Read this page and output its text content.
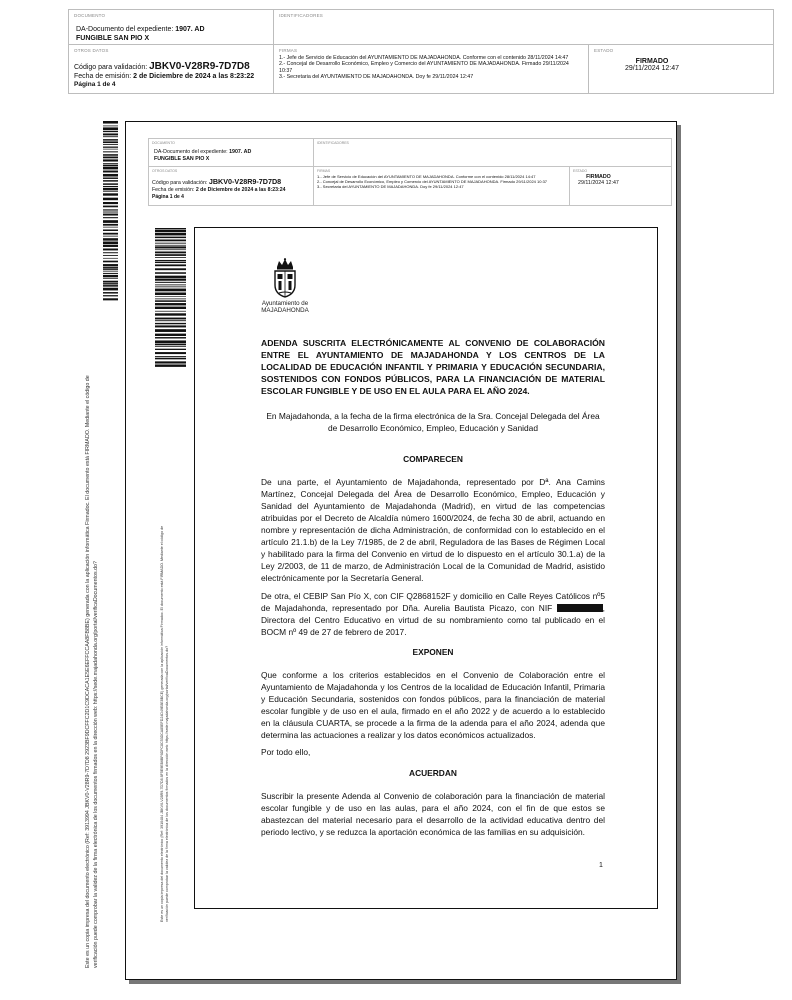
DOCUMENTO
DA-Documento del expediente: 1907. AD
FUNGIBLE SAN PIO X
IDENTIFICADORES
OTROS DATOS
Código para validación: JBKV0-V28R9-7D7D8
Fecha de emisión: 2 de Diciembre de 2024 a las 8:23:22
Página 1 de 4
FIRMAS
1.- Jefe de Servicio de Educación del AYUNTAMIENTO DE MAJADAHONDA. Conforme con el contenido 28/11/2024 14:47
2.- Concejal de Desarrollo Económico, Empleo y Comercio del AYUNTAMIENTO DE MAJADAHONDA. Firmado 29/11/2024 10:37
3.- Secretaria del AYUNTAMIENTO DE MAJADAHONDA. Doy fe 29/11/2024 12:47
ESTADO
FIRMADO
29/11/2024 12:47
Este es un copia impresa del documento electrónico (Ref: 3913994 JBKV0-V28R9-7D7D8 2923BF9DCFFC2D1C9DCACA1E5E6EFFCCAA8FB8BE) generada con la aplicación informática Firmadoc. El documento está FIRMADO. Mediante el código de verificación puede comprobar la validez de la firma electrónica de los documentos firmados en la dirección web: https://sede.majadahonda.org/portal/verificaDocumentos.do?
DOCUMENTO
DA-Documento del expediente: 1907. AD
FUNGIBLE SAN PIO X
IDENTIFICADORES
OTROS DATOS
Código para validación: JBKV0-V28R9-7D7D8
Fecha de emisión: 2 de Diciembre de 2024 a las 8:23:24
Página 1 de 4
FIRMAS
1.- Jefe de Servicio de Educación del AYUNTAMIENTO DE MAJADAHONDA. Conforme con el contenido 28/11/2024 14:47
2.- Concejal de Desarrollo Económico, Empleo y Comercio del AYUNTAMIENTO DE MAJADAHONDA. Firmado 29/11/2024 10:37
3.- Secretaria del AYUNTAMIENTO DE MAJADAHONDA. Doy fe 29/11/2024 12:47
ESTADO
FIRMADO
29/11/2024 12:47
Este es un copia impresa del documento electrónico (Ref: 3910484 JBKV0-V28R9-7D7D8 8F5E9EB6BF6DFC8C53DCA85EFD24D49E8E8BCE) generada con la aplicación informática Firmadoc. El documento está FIRMADO. Mediante el código de verificación puede comprobar la validez de la firma electrónica de los documentos firmados en la dirección web: https://sede.majadahonda.org/portal/verificaDocumentos.do?
Ayuntamiento de
MAJADAHONDA
ADENDA SUSCRITA ELECTRÓNICAMENTE AL CONVENIO DE COLABORACIÓN ENTRE EL AYUNTAMIENTO DE MAJADAHONDA Y LOS CENTROS DE LA LOCALIDAD DE EDUCACIÓN INFANTIL Y PRIMARIA Y EDUCACIÓN SECUNDARIA, SOSTENIDOS CON FONDOS PÚBLICOS, PARA LA FINANCIACIÓN DE MATERIAL ESCOLAR FUNGIBLE Y DE USO EN EL AULA PARA EL AÑO 2024.
En Majadahonda, a la fecha de la firma electrónica de la Sra. Concejal Delegada del Área de Desarrollo Económico, Empleo, Educación y Sanidad
COMPARECEN
De una parte, el Ayuntamiento de Majadahonda, representado por Dª. Ana Camins Martínez, Concejal Delegada del Área de Desarrollo Económico, Empleo, Educación y Sanidad del Ayuntamiento de Majadahonda (Madrid), en virtud de las competencias atribuidas por el Decreto de Alcaldía número 1600/2024, de fecha 30 de abril, actuando en nombre y representación de dicha Administración, de conformidad con lo establecido en el artículo 21.1.b) de la Ley 7/1985, de 2 de abril, Reguladora de las Bases de Régimen Local y habilitado para la firma del Convenio en virtud de lo dispuesto en el artículo 30.1.a) de la Ley 2/2003, de 11 de marzo, de Administración Local de la Comunidad de Madrid, asistido electrónicamente por la Secretaría General.
De otra, el CEBIP San Pío X, con CIF Q2868152F y domicilio en Calle Reyes Católicos nº5 de Majadahonda, representado por Dña. Aurelia Bautista Picazo, con NIF	, Directora del Centro Educativo en virtud de su nombramiento como tal publicado en el BOCM nº 49 de 27 de febrero de 2017.
EXPONEN
Que conforme a los criterios establecidos en el Convenio de Colaboración entre el Ayuntamiento de Majadahonda y los Centros de la localidad de Educación Infantil, Primaria y Educación Secundaria, sostenidos con fondos públicos, para la financiación de material escolar fungible y de uso en el aula, firmado en el año 2022 y de acuerdo a lo establecido en la cláusula CUARTA, se procede a la firma de la adenda para el año 2024, adenda que determina las actuaciones a realizar y los datos económicos actualizados.
Por todo ello,
ACUERDAN
Suscribir la presente Adenda al Convenio de colaboración para la financiación de material escolar fungible y de uso en las aulas, para el año 2024, con el fin de que estos se abastezcan del material necesario para el desarrollo de la actividad educativa dentro del periodo lectivo, y se reduzca la aportación económica de las familias en su adquisición.
1
